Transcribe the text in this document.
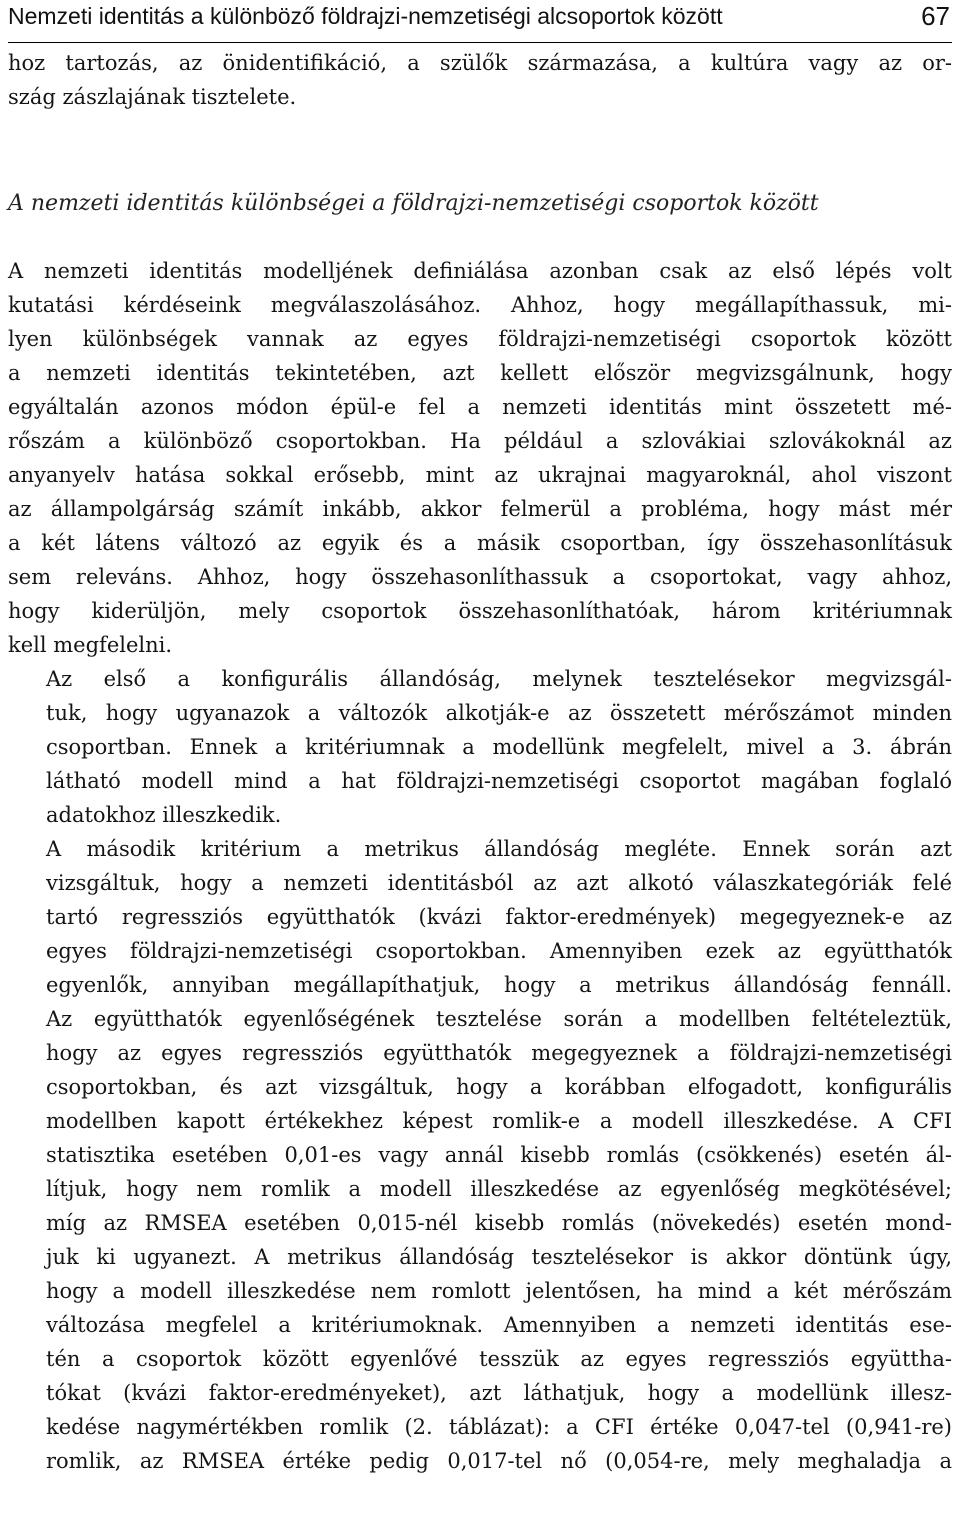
Nemzeti identitás a különböző földrajzi-nemzetiségi alcsoportok között	67

hoz tartozás, az önidentifikáció, a szülők származása, a kultúra vagy az or-
szág zászlajának tisztelete.

A nemzeti identitás különbségei a földrajzi-nemzetiségi csoportok között

A nemzeti identitás modelljének definiálása azonban csak az első lépés volt
kutatási kérdéseink megválaszolásához. Ahhoz, hogy megállapíthassuk, mi-
lyen különbségek vannak az egyes földrajzi-nemzetiségi csoportok között
a nemzeti identitás tekintetében, azt kellett először megvizsgálnunk, hogy
egyáltalán azonos módon épül-e fel a nemzeti identitás mint összetett mé-
rőszám a különböző csoportokban. Ha például a szlovákiai szlovákoknál az
anyanyelv hatása sokkal erősebb, mint az ukrajnai magyaroknál, ahol viszont
az állampolgárság számít inkább, akkor felmerül a probléma, hogy mást mér
a két látens változó az egyik és a másik csoportban, így összehasonlításuk
sem releváns. Ahhoz, hogy összehasonlíthassuk a csoportokat, vagy ahhoz,
hogy kiderüljön, mely csoportok összehasonlíthatóak, három kritériumnak
kell megfelelni.

Az első a konfigurális állandóság, melynek tesztelésekor megvizsgál-
tuk, hogy ugyanazok a változók alkotják-e az összetett mérőszámot minden
csoportban. Ennek a kritériumnak a modellünk megfelelt, mivel a 3. ábrán
látható modell mind a hat földrajzi-nemzetiségi csoportot magában foglaló
adatokhoz illeszkedik.

A második kritérium a metrikus állandóság megléte. Ennek során azt
vizsgáltuk, hogy a nemzeti identitásból az azt alkotó válaszkategóriák felé
tartó regressziós együtthatók (kvázi faktor-eredmények) megegyeznek-e az
egyes földrajzi-nemzetiségi csoportokban. Amennyiben ezek az együtthatók
egyenlők, annyiban megállapíthatjuk, hogy a metrikus állandóság fennáll.
Az együtthatók egyenlőségének tesztelése során a modellben feltételeztük,
hogy az egyes regressziós együtthatók megegyeznek a földrajzi-nemzetiségi
csoportokban, és azt vizsgáltuk, hogy a korábban elfogadott, konfigurális
modellben kapott értékekhez képest romlik-e a modell illeszkedése. A CFI
statisztika esetében 0,01-es vagy annál kisebb romlás (csökkenés) esetén ál-
lítjuk, hogy nem romlik a modell illeszkedése az egyenlőség megkötésével;
míg az RMSEA esetében 0,015-nél kisebb romlás (növekedés) esetén mond-
juk ki ugyanezt. A metrikus állandóság tesztelésekor is akkor döntünk úgy,
hogy a modell illeszkedése nem romlott jelentősen, ha mind a két mérőszám
változása megfelel a kritériumoknak. Amennyiben a nemzeti identitás ese-
tén a csoportok között egyenlővé tesszük az egyes regressziós együttha-
tókat (kvázi faktor-eredményeket), azt láthatjuk, hogy a modellünk illesz-
kedése nagymértékben romlik (2. táblázat): a CFI értéke 0,047-tel (0,941-re)
romlik, az RMSEA értéke pedig 0,017-tel nő (0,054-re, mely meghaladja a
